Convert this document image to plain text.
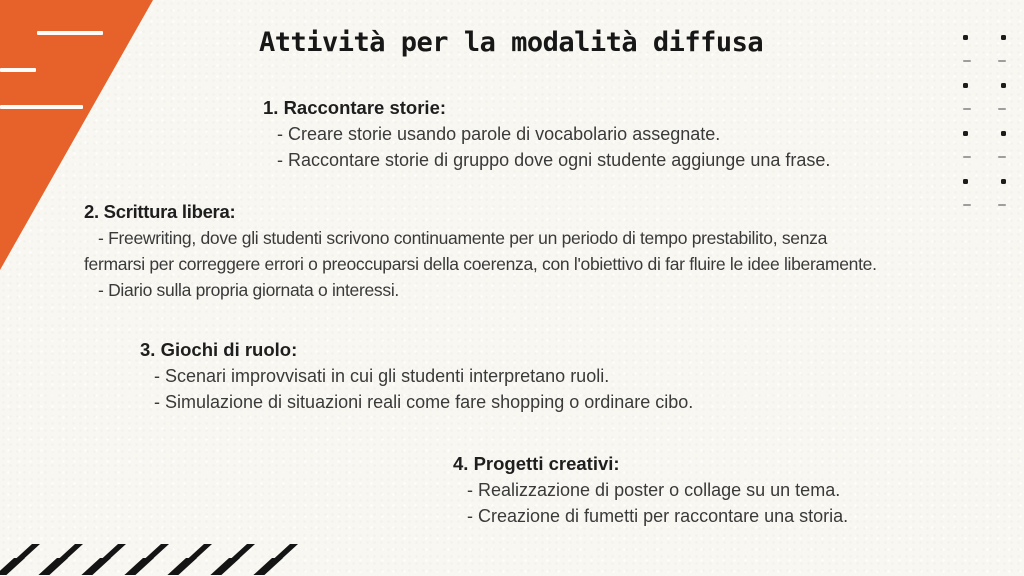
Attività per la modalità diffusa
1. Raccontare storie:
- Creare storie usando parole di vocabolario assegnate.
- Raccontare storie di gruppo dove ogni studente aggiunge una frase.
2. Scrittura libera:
- Freewriting, dove gli studenti scrivono continuamente per un periodo di tempo prestabilito, senza
fermarsi per correggere errori o preoccuparsi della coerenza, con l'obiettivo di far fluire le idee liberamente.
- Diario sulla propria giornata o interessi.
3. Giochi di ruolo:
- Scenari improvvisati in cui gli studenti interpretano ruoli.
- Simulazione di situazioni reali come fare shopping o ordinare cibo.
4. Progetti creativi:
- Realizzazione di poster o collage su un tema.
- Creazione di fumetti per raccontare una storia.
